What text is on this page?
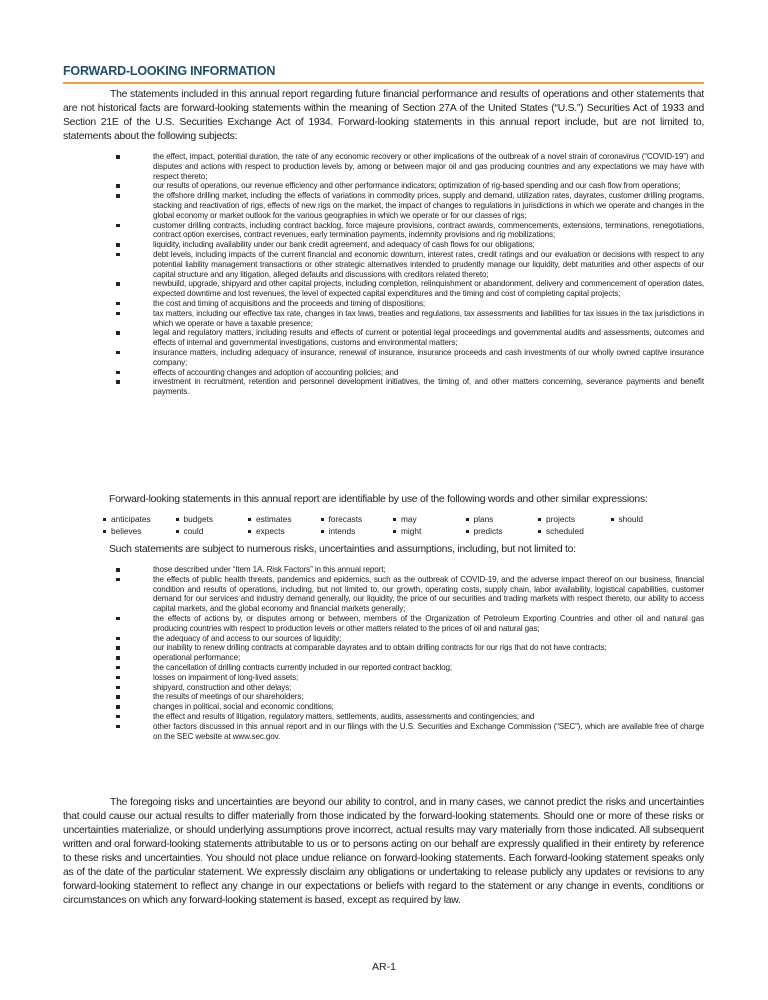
FORWARD-LOOKING INFORMATION

The statements included in this annual report regarding future financial performance and results of operations and other statements that are not historical facts are forward-looking statements within the meaning of Section 27A of the United States (“U.S.”) Securities Act of 1933 and Section 21E of the U.S. Securities Exchange Act of 1934. Forward-looking statements in this annual report include, but are not limited to, statements about the following subjects:

the effect, impact, potential duration, the rate of any economic recovery or other implications of the outbreak of a novel strain of coronavirus (“COVID-19”) and disputes and actions with respect to production levels by, among or between major oil and gas producing countries and any expectations we may have with respect thereto;
our results of operations, our revenue efficiency and other performance indicators; optimization of rig-based spending and our cash flow from operations;
the offshore drilling market, including the effects of variations in commodity prices, supply and demand, utilization rates, dayrates, customer drilling programs, stacking and reactivation of rigs, effects of new rigs on the market, the impact of changes to regulations in jurisdictions in which we operate and changes in the global economy or market outlook for the various geographies in which we operate or for our classes of rigs;
customer drilling contracts, including contract backlog, force majeure provisions, contract awards, commencements, extensions, terminations, renegotiations, contract option exercises, contract revenues, early termination payments, indemnity provisions and rig mobilizations;
liquidity, including availability under our bank credit agreement, and adequacy of cash flows for our obligations;
debt levels, including impacts of the current financial and economic downturn, interest rates, credit ratings and our evaluation or decisions with respect to any potential liability management transactions or other strategic alternatives intended to prudently manage our liquidity, debt maturities and other aspects of our capital structure and any litigation, alleged defaults and discussions with creditors related thereto;
newbuild, upgrade, shipyard and other capital projects, including completion, relinquishment or abandonment, delivery and commencement of operation dates, expected downtime and lost revenues, the level of expected capital expenditures and the timing and cost of completing capital projects;
the cost and timing of acquisitions and the proceeds and timing of dispositions;
tax matters, including our effective tax rate, changes in tax laws, treaties and regulations, tax assessments and liabilities for tax issues in the tax jurisdictions in which we operate or have a taxable presence;
legal and regulatory matters, including results and effects of current or potential legal proceedings and governmental audits and assessments, outcomes and effects of internal and governmental investigations, customs and environmental matters;
insurance matters, including adequacy of insurance, renewal of insurance, insurance proceeds and cash investments of our wholly owned captive insurance company;
effects of accounting changes and adoption of accounting policies; and
investment in recruitment, retention and personnel development initiatives, the timing of, and other matters concerning, severance payments and benefit payments.

Forward-looking statements in this annual report are identifiable by use of the following words and other similar expressions:

anticipates	budgets	estimates	forecasts	may	plans	projects	should
believes	could	expects	intends	might	predicts	scheduled

Such statements are subject to numerous risks, uncertainties and assumptions, including, but not limited to:

those described under “Item 1A. Risk Factors” in this annual report;
the effects of public health threats, pandemics and epidemics, such as the outbreak of COVID-19, and the adverse impact thereof on our business, financial condition and results of operations, including, but not limited to, our growth, operating costs, supply chain, labor availability, logistical capabilities, customer demand for our services and industry demand generally, our liquidity, the price of our securities and trading markets with respect thereto, our ability to access capital markets, and the global economy and financial markets generally;
the effects of actions by, or disputes among or between, members of the Organization of Petroleum Exporting Countries and other oil and natural gas producing countries with respect to production levels or other matters related to the prices of oil and natural gas;
the adequacy of and access to our sources of liquidity;
our inability to renew drilling contracts at comparable dayrates and to obtain drilling contracts for our rigs that do not have contracts;
operational performance;
the cancellation of drilling contracts currently included in our reported contract backlog;
losses on impairment of long-lived assets;
shipyard, construction and other delays;
the results of meetings of our shareholders;
changes in political, social and economic conditions;
the effect and results of litigation, regulatory matters, settlements, audits, assessments and contingencies; and
other factors discussed in this annual report and in our filings with the U.S. Securities and Exchange Commission (“SEC”), which are available free of charge on the SEC website at www.sec.gov.

The foregoing risks and uncertainties are beyond our ability to control, and in many cases, we cannot predict the risks and uncertainties that could cause our actual results to differ materially from those indicated by the forward-looking statements. Should one or more of these risks or uncertainties materialize, or should underlying assumptions prove incorrect, actual results may vary materially from those indicated. All subsequent written and oral forward-looking statements attributable to us or to persons acting on our behalf are expressly qualified in their entirety by reference to these risks and uncertainties. You should not place undue reliance on forward-looking statements. Each forward-looking statement speaks only as of the date of the particular statement. We expressly disclaim any obligations or undertaking to release publicly any updates or revisions to any forward-looking statement to reflect any change in our expectations or beliefs with regard to the statement or any change in events, conditions or circumstances on which any forward-looking statement is based, except as required by law.

AR-1
